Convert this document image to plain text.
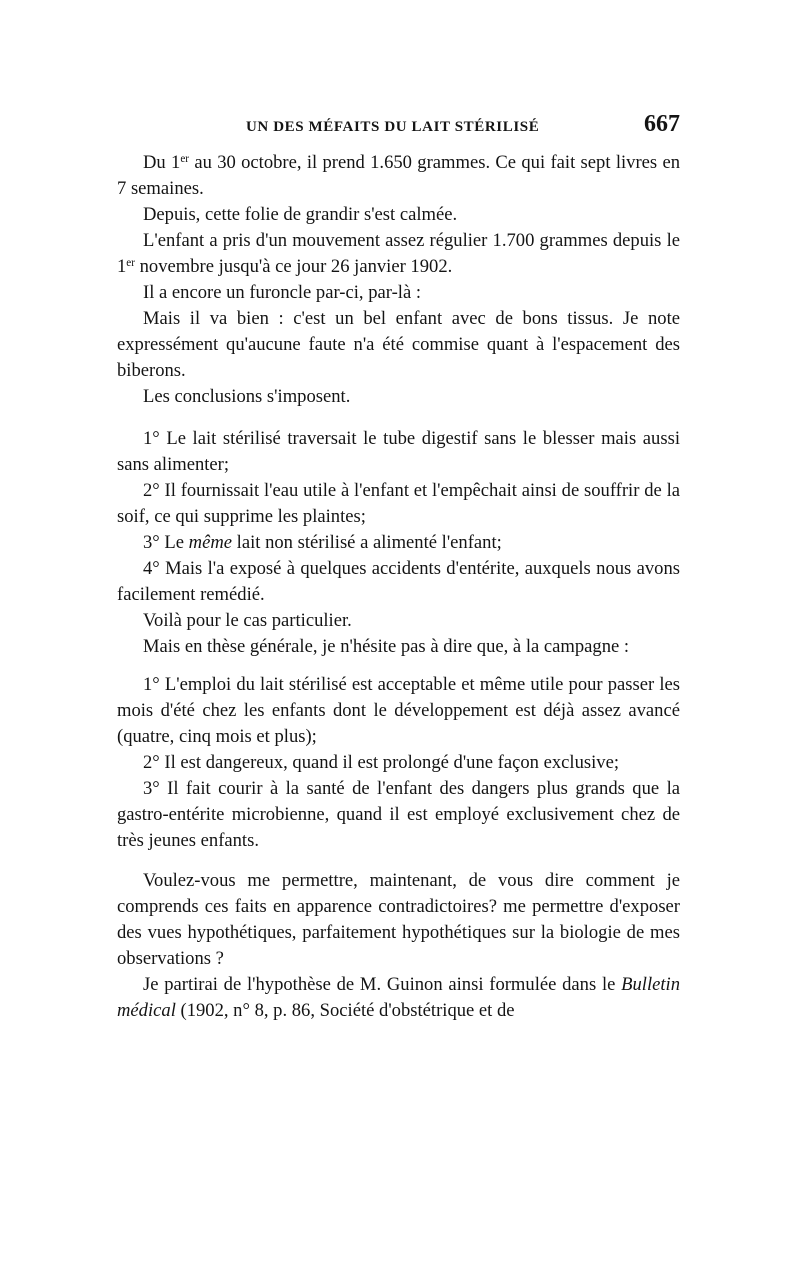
UN DES MÉFAITS DU LAIT STÉRILISÉ	667

Du 1er au 30 octobre, il prend 1.650 grammes. Ce qui fait sept livres en 7 semaines.

Depuis, cette folie de grandir s'est calmée.

L'enfant a pris d'un mouvement assez régulier 1.700 grammes depuis le 1er novembre jusqu'à ce jour 26 janvier 1902.

Il a encore un furoncle par-ci, par-là :

Mais il va bien : c'est un bel enfant avec de bons tissus. Je note expressément qu'aucune faute n'a été commise quant à l'espacement des biberons.

Les conclusions s'imposent.

1° Le lait stérilisé traversait le tube digestif sans le blesser mais aussi sans alimenter;

2° Il fournissait l'eau utile à l'enfant et l'empêchait ainsi de souffrir de la soif, ce qui supprime les plaintes;

3° Le même lait non stérilisé a alimenté l'enfant;

4° Mais l'a exposé à quelques accidents d'entérite, auxquels nous avons facilement remédié.

Voilà pour le cas particulier.

Mais en thèse générale, je n'hésite pas à dire que, à la campagne :

1° L'emploi du lait stérilisé est acceptable et même utile pour passer les mois d'été chez les enfants dont le développement est déjà assez avancé (quatre, cinq mois et plus);

2° Il est dangereux, quand il est prolongé d'une façon exclusive;

3° Il fait courir à la santé de l'enfant des dangers plus grands que la gastro-entérite microbienne, quand il est employé exclusivement chez de très jeunes enfants.

Voulez-vous me permettre, maintenant, de vous dire comment je comprends ces faits en apparence contradictoires? me permettre d'exposer des vues hypothétiques, parfaitement hypothétiques sur la biologie de mes observations ?

Je partirai de l'hypothèse de M. Guinon ainsi formulée dans le Bulletin médical (1902, n° 8, p. 86, Société d'obstétrique et de
